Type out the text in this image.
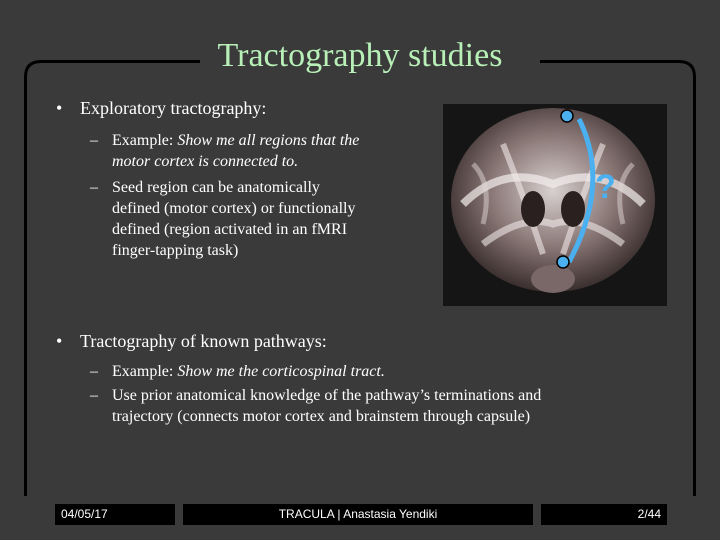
Tractography studies
• Exploratory tractography:
– Example: Show me all regions that the
motor cortex is connected to.
– Seed region can be anatomically
defined (motor cortex) or functionally
defined (region activated in an fMRI
finger-tapping task)
?
• Tractography of known pathways:
– Example: Show me the corticospinal tract.
– Use prior anatomical knowledge of the pathway’s terminations and
trajectory (connects motor cortex and brainstem through capsule)
04/05/17	TRACULA | Anastasia Yendiki	2/44
